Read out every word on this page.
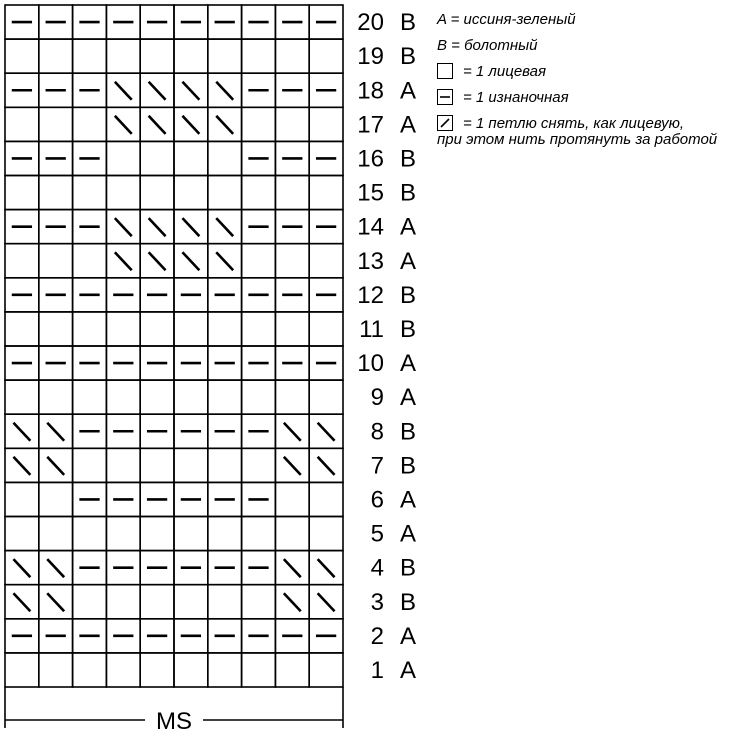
20 B
19 B
18 A
17 A
16 B
15 B
14 A
13 A
12 B
11 B
10 A
9 A
8 B
7 B
6 A
5 A
4 B
3 B
2 A
1 A
MS
A = иссиня-зеленый
B = болотный
= 1 лицевая
= 1 изнаночная
= 1 петлю снять, как лицевую,
при этом нить протянуть за работой
